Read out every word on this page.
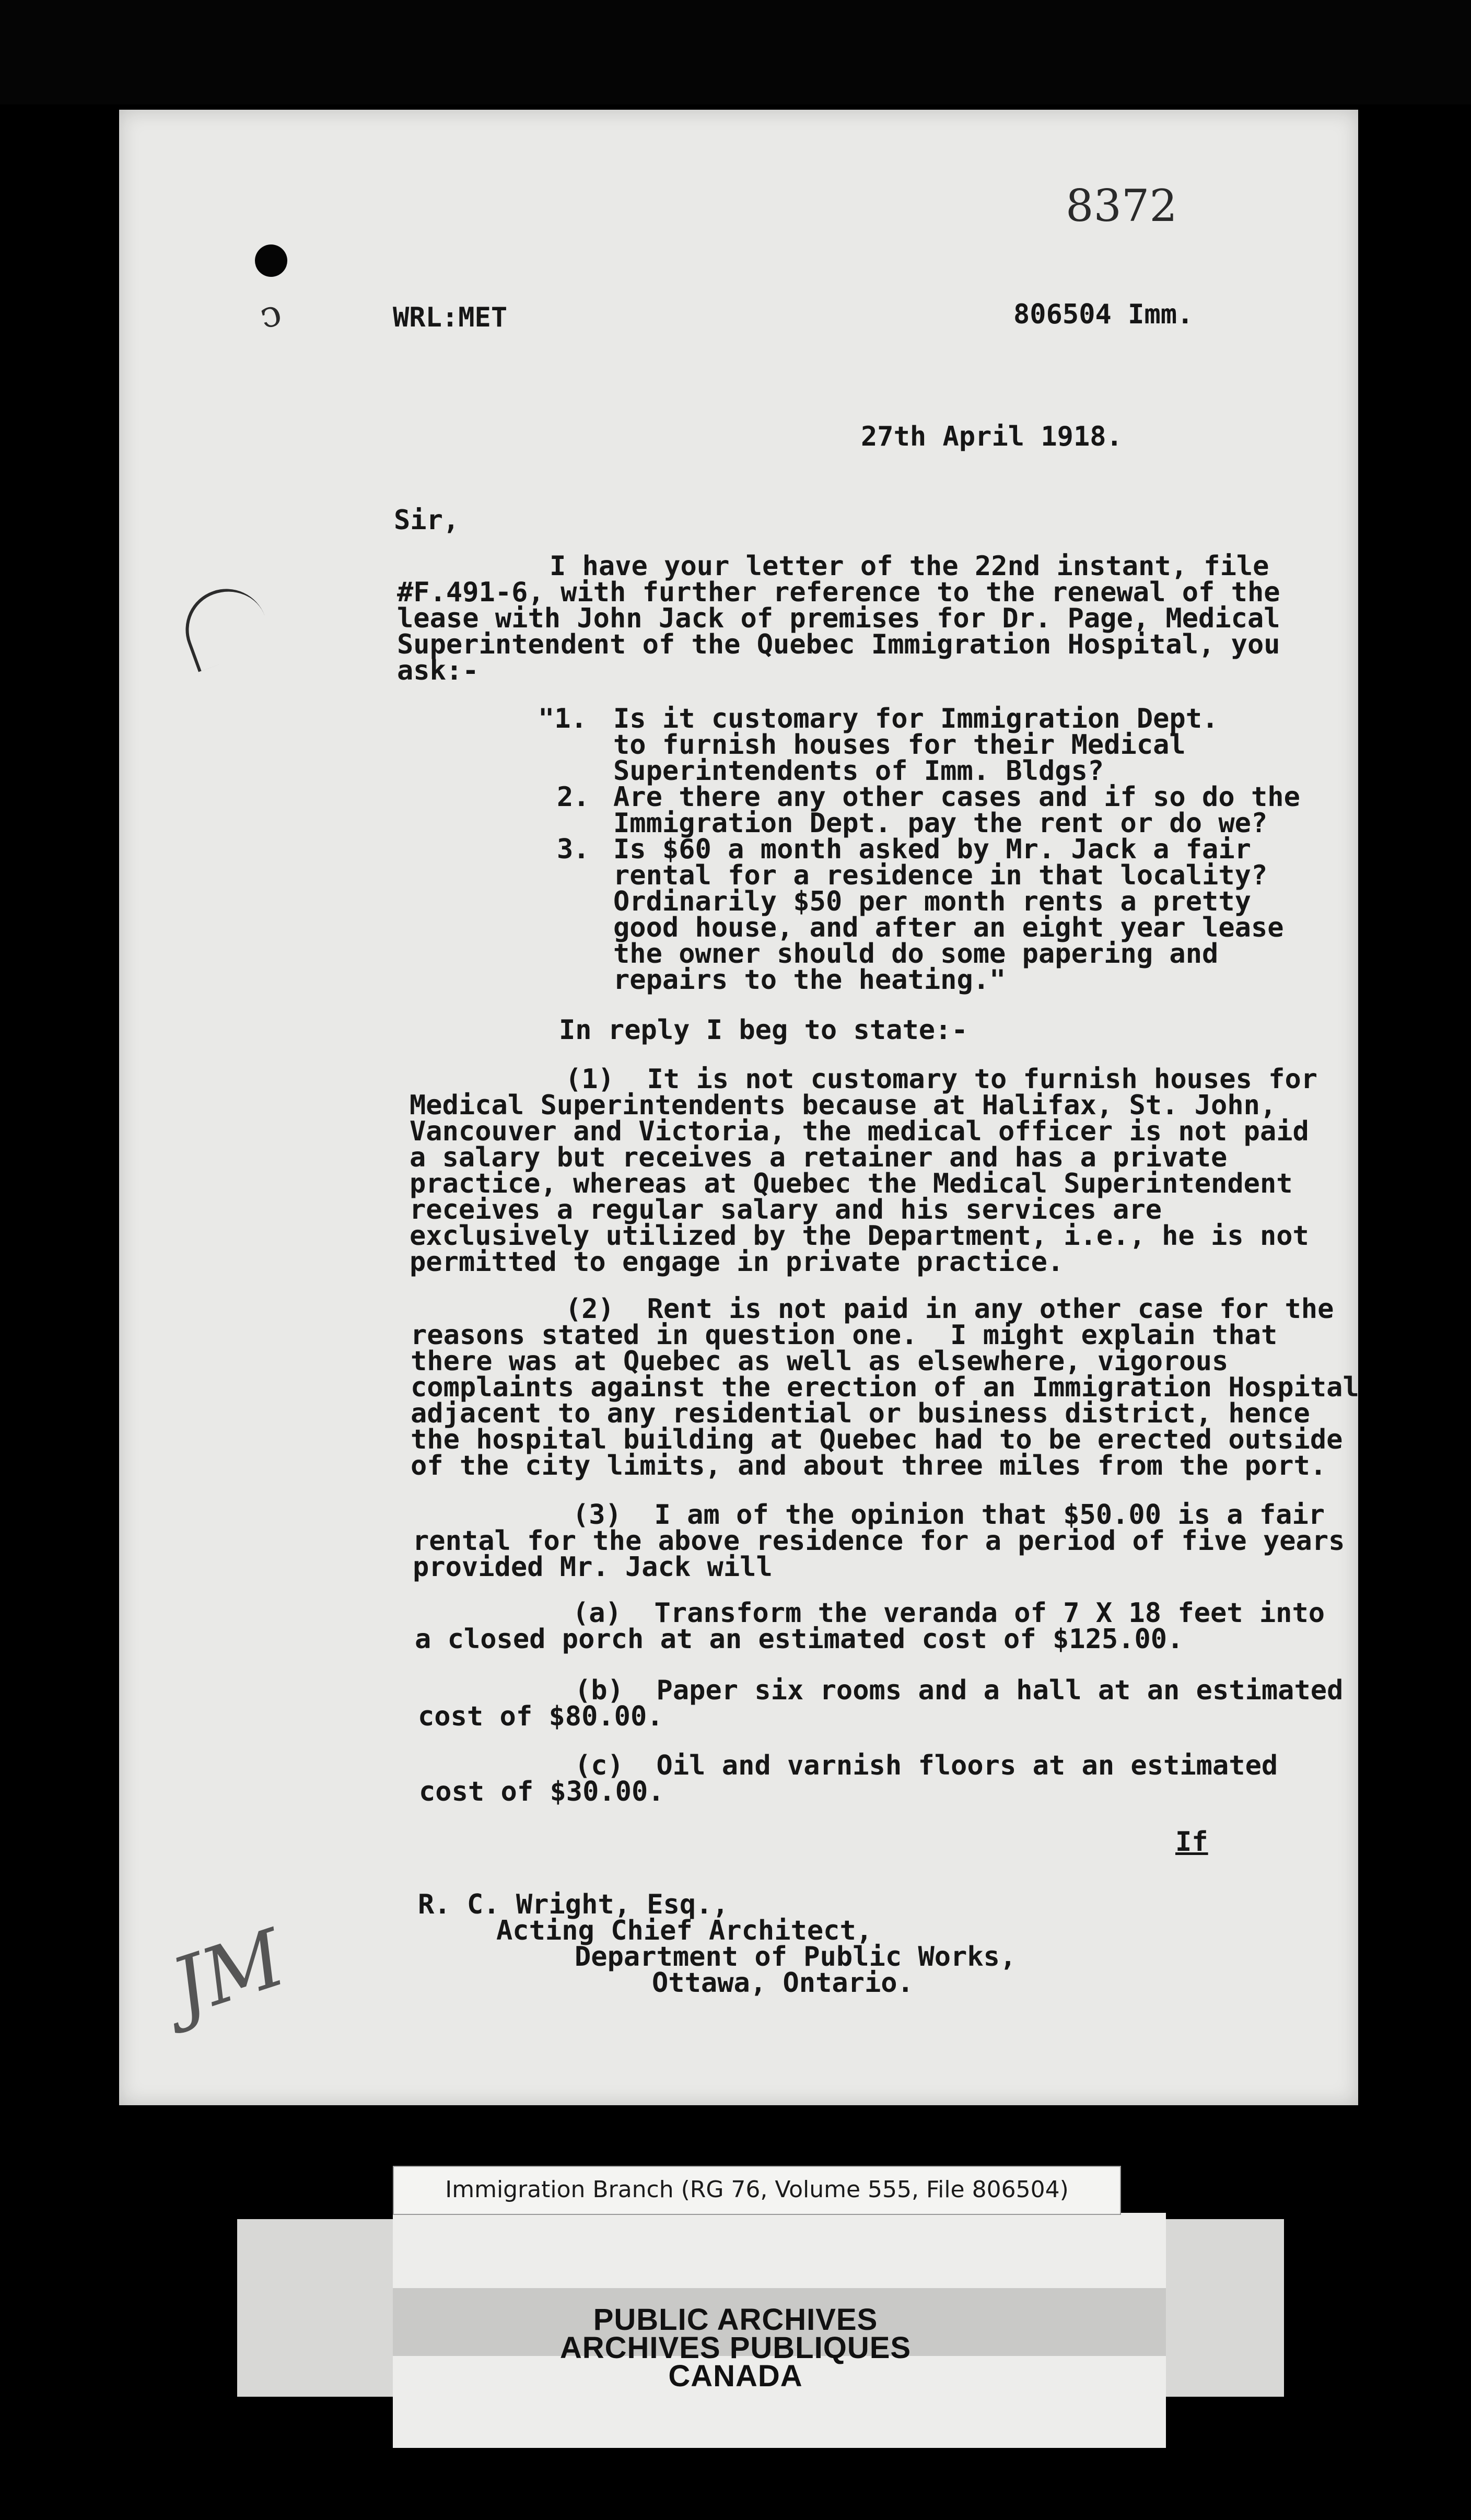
8372
ↄ	WRL:MET	806504 Imm.
27th April 1918.
Sir,
I have your letter of the 22nd instant, file
#F.491-6, with further reference to the renewal of the
lease with John Jack of premises for Dr. Page, Medical
Superintendent of the Quebec Immigration Hospital, you
ask:-
"1. Is it customary for Immigration Dept.
to furnish houses for their Medical
Superintendents of Imm. Bldgs?
2. Are there any other cases and if so do the
Immigration Dept. pay the rent or do we?
3. Is $60 a month asked by Mr. Jack a fair
rental for a residence in that locality?
Ordinarily $50 per month rents a pretty
good house, and after an eight year lease
the owner should do some papering and
repairs to the heating."
In reply I beg to state:-
(1)  It is not customary to furnish houses for
Medical Superintendents because at Halifax, St. John,
Vancouver and Victoria, the medical officer is not paid
a salary but receives a retainer and has a private
practice, whereas at Quebec the Medical Superintendent
receives a regular salary and his services are
exclusively utilized by the Department, i.e., he is not
permitted to engage in private practice.
(2)  Rent is not paid in any other case for the
reasons stated in question one.  I might explain that
there was at Quebec as well as elsewhere, vigorous
complaints against the erection of an Immigration Hospital
adjacent to any residential or business district, hence
the hospital building at Quebec had to be erected outside
of the city limits, and about three miles from the port.
(3)  I am of the opinion that $50.00 is a fair
rental for the above residence for a period of five years
provided Mr. Jack will
(a)  Transform the veranda of 7 X 18 feet into
a closed porch at an estimated cost of $125.00.
(b)  Paper six rooms and a hall at an estimated
cost of $80.00.
(c)  Oil and varnish floors at an estimated
cost of $30.00.
If
R. C. Wright, Esq.,
Acting Chief Architect,
Department of Public Works,
Ottawa, Ontario.
JM
Immigration Branch (RG 76, Volume 555, File 806504)
PUBLIC ARCHIVES
ARCHIVES PUBLIQUES
CANADA
